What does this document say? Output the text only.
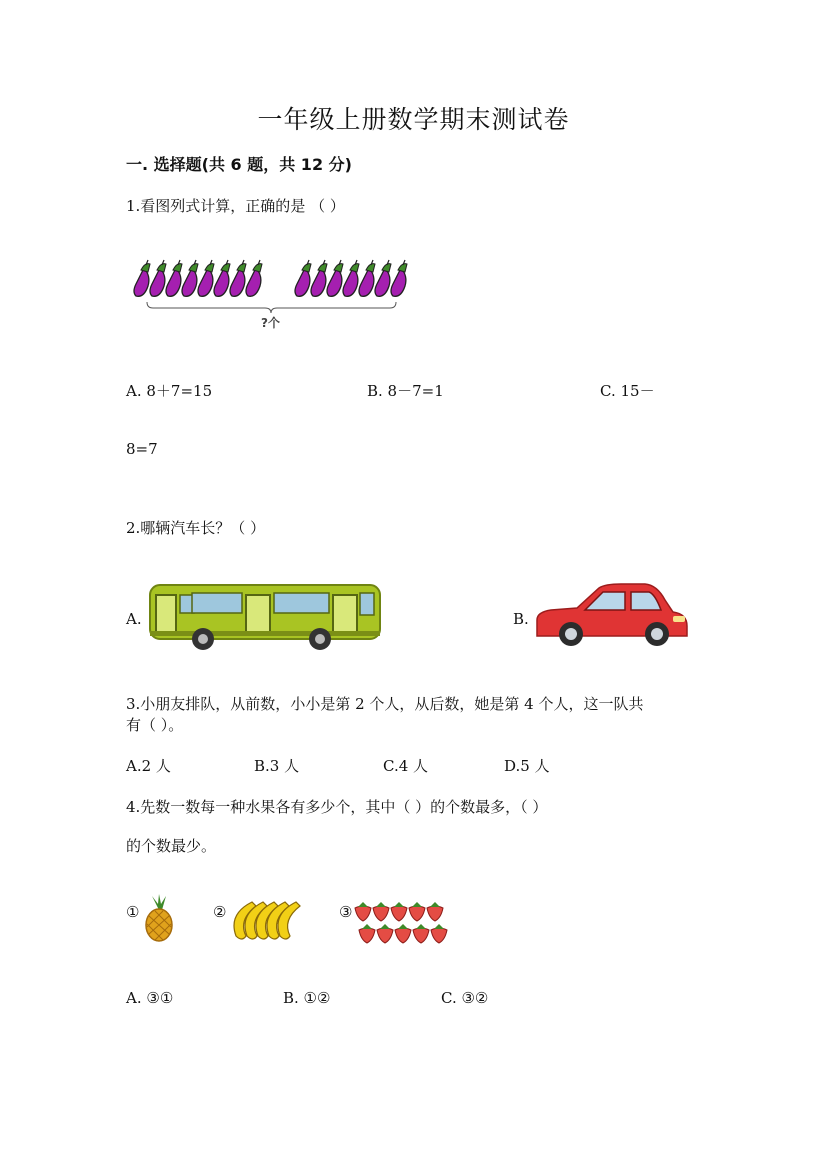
一年级上册数学期末测试卷
一. 选择题(共 6 题，共 12 分)
1.看图列式计算，正确的是 （ ）
?个
A. 8＋7=15	B. 8－7=1	C. 15－
8=7
2.哪辆汽车长？（ ）
A.	B.
3.小朋友排队，从前数，小小是第 2 个人，从后数，她是第 4 个人，这一队共
有（ ）。
A.2 人	B.3 人	C.4 人	D.5 人
4.先数一数每一种水果各有多少个，其中（ ）的个数最多，（ ）
的个数最少。
①	②	③
A. ③①	B. ①②	C. ③②
